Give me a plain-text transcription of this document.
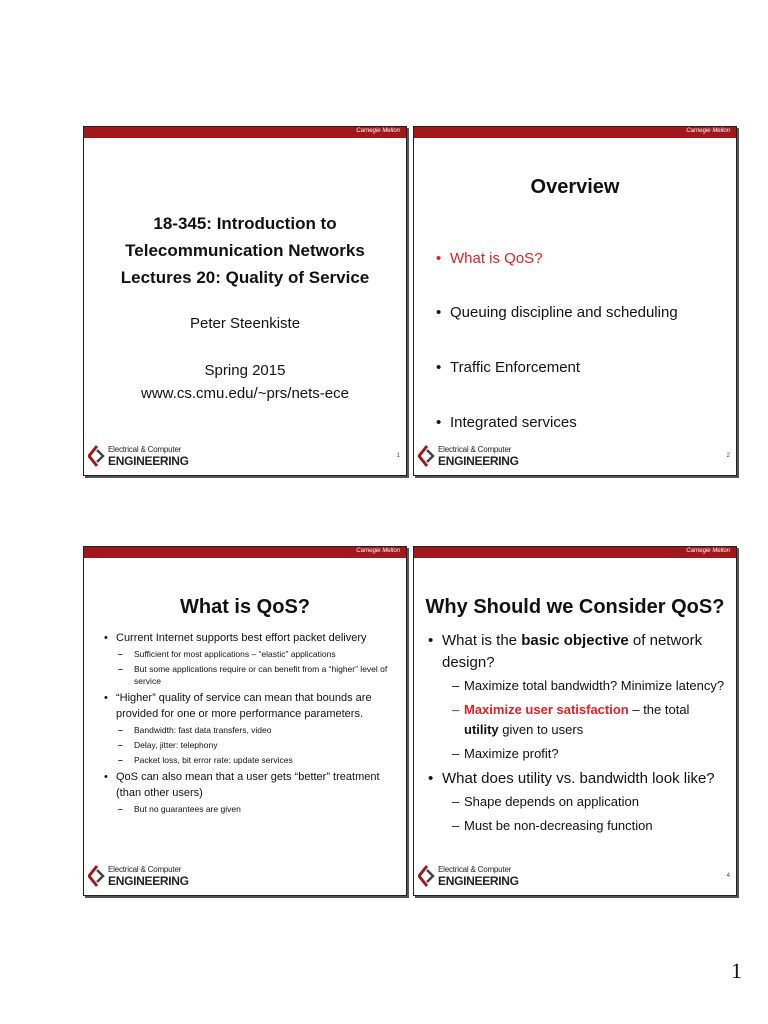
Carnegie Mellon
18-345: Introduction to
Telecommunication Networks
Lectures 20: Quality of Service
Peter Steenkiste
Spring 2015
www.cs.cmu.edu/~prs/nets-ece
Electrical & Computer
ENGINEERING	1
Carnegie Mellon
Overview
• What is QoS?
• Queuing discipline and scheduling
• Traffic Enforcement
• Integrated services
Electrical & Computer
ENGINEERING	2
Carnegie Mellon
What is QoS?
• Current Internet supports best effort packet delivery
– Sufficient for most applications – “elastic” applications
– But some applications require or can benefit from a “higher” level of service
• “Higher” quality of service can mean that bounds are provided for one or more performance parameters.
– Bandwidth: fast data transfers, video
– Delay, jitter: telephony
– Packet loss, bit error rate: update services
• QoS can also mean that a user gets “better” treatment (than other users)
– But no guarantees are given
Electrical & Computer
ENGINEERING
Carnegie Mellon
Why Should we Consider QoS?
• What is the basic objective of network design?
– Maximize total bandwidth? Minimize latency?
– Maximize user satisfaction – the total utility given to users
– Maximize profit?
• What does utility vs. bandwidth look like?
– Shape depends on application
– Must be non-decreasing function
Electrical & Computer
ENGINEERING	4
1
